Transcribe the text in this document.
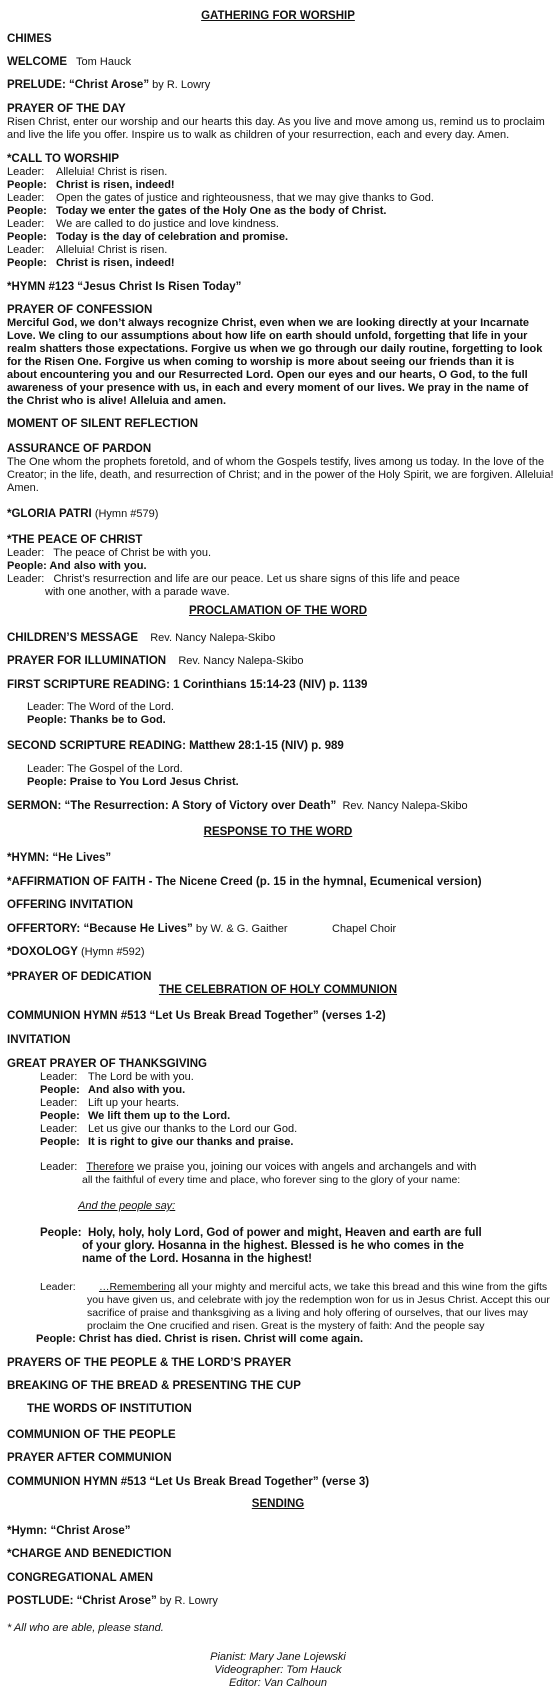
GATHERING FOR WORSHIP
CHIMES
WELCOME Tom Hauck
PRELUDE: “Christ Arose” by R. Lowry
PRAYER OF THE DAY
Risen Christ, enter our worship and our hearts this day. As you live and move among us, remind us to proclaim
and live the life you offer. Inspire us to walk as children of your resurrection, each and every day. Amen.
*CALL TO WORSHIP
Leader: Alleluia! Christ is risen.
People: Christ is risen, indeed!
Leader: Open the gates of justice and righteousness, that we may give thanks to God.
People: Today we enter the gates of the Holy One as the body of Christ.
Leader: We are called to do justice and love kindness.
People: Today is the day of celebration and promise.
Leader: Alleluia! Christ is risen.
People: Christ is risen, indeed!
*HYMN #123 “Jesus Christ Is Risen Today”
PRAYER OF CONFESSION
Merciful God, we don’t always recognize Christ, even when we are looking directly at your Incarnate
Love. We cling to our assumptions about how life on earth should unfold, forgetting that life in your
realm shatters those expectations. Forgive us when we go through our daily routine, forgetting to look
for the Risen One. Forgive us when coming to worship is more about seeing our friends than it is
about encountering you and our Resurrected Lord. Open our eyes and our hearts, O God, to the full
awareness of your presence with us, in each and every moment of our lives. We pray in the name of
the Christ who is alive! Alleluia and amen.
MOMENT OF SILENT REFLECTION
ASSURANCE OF PARDON
The One whom the prophets foretold, and of whom the Gospels testify, lives among us today. In the love of the
Creator; in the life, death, and resurrection of Christ; and in the power of the Holy Spirit, we are forgiven. Alleluia!
Amen.
*GLORIA PATRI (Hymn #579)
*THE PEACE OF CHRIST
Leader: The peace of Christ be with you.
People: And also with you.
Leader: Christ’s resurrection and life are our peace. Let us share signs of this life and peace
with one another, with a parade wave.
PROCLAMATION OF THE WORD
CHILDREN’S MESSAGE Rev. Nancy Nalepa-Skibo
PRAYER FOR ILLUMINATION Rev. Nancy Nalepa-Skibo
FIRST SCRIPTURE READING: 1 Corinthians 15:14-23 (NIV) p. 1139
Leader: The Word of the Lord.
People: Thanks be to God.
SECOND SCRIPTURE READING: Matthew 28:1-15 (NIV) p. 989
Leader: The Gospel of the Lord.
People: Praise to You Lord Jesus Christ.
SERMON: “The Resurrection: A Story of Victory over Death” Rev. Nancy Nalepa-Skibo
RESPONSE TO THE WORD
*HYMN: “He Lives”
*AFFIRMATION OF FAITH - The Nicene Creed (p. 15 in the hymnal, Ecumenical version)
OFFERING INVITATION
OFFERTORY: “Because He Lives” by W. & G. Gaither	Chapel Choir
*DOXOLOGY (Hymn #592)
*PRAYER OF DEDICATION
THE CELEBRATION OF HOLY COMMUNION
COMMUNION HYMN #513 “Let Us Break Bread Together” (verses 1-2)
INVITATION
GREAT PRAYER OF THANKSGIVING
Leader: The Lord be with you.
People: And also with you.
Leader: Lift up your hearts.
People: We lift them up to the Lord.
Leader: Let us give our thanks to the Lord our God.
People: It is right to give our thanks and praise.
Leader: Therefore we praise you, joining our voices with angels and archangels and with
all the faithful of every time and place, who forever sing to the glory of your name:
And the people say:
People: Holy, holy, holy Lord, God of power and might, Heaven and earth are full
of your glory. Hosanna in the highest. Blessed is he who comes in the
name of the Lord. Hosanna in the highest!
Leader: …Remembering all your mighty and merciful acts, we take this bread and this wine from the gifts
you have given us, and celebrate with joy the redemption won for us in Jesus Christ. Accept this our
sacrifice of praise and thanksgiving as a living and holy offering of ourselves, that our lives may
proclaim the One crucified and risen. Great is the mystery of faith: And the people say
People: Christ has died. Christ is risen. Christ will come again.
PRAYERS OF THE PEOPLE & THE LORD’S PRAYER
BREAKING OF THE BREAD & PRESENTING THE CUP
THE WORDS OF INSTITUTION
COMMUNION OF THE PEOPLE
PRAYER AFTER COMMUNION
COMMUNION HYMN #513 “Let Us Break Bread Together” (verse 3)
SENDING
*Hymn: “Christ Arose”
*CHARGE AND BENEDICTION
CONGREGATIONAL AMEN
POSTLUDE: “Christ Arose” by R. Lowry
* All who are able, please stand.
Pianist: Mary Jane Lojewski
Videographer: Tom Hauck
Editor: Van Calhoun
